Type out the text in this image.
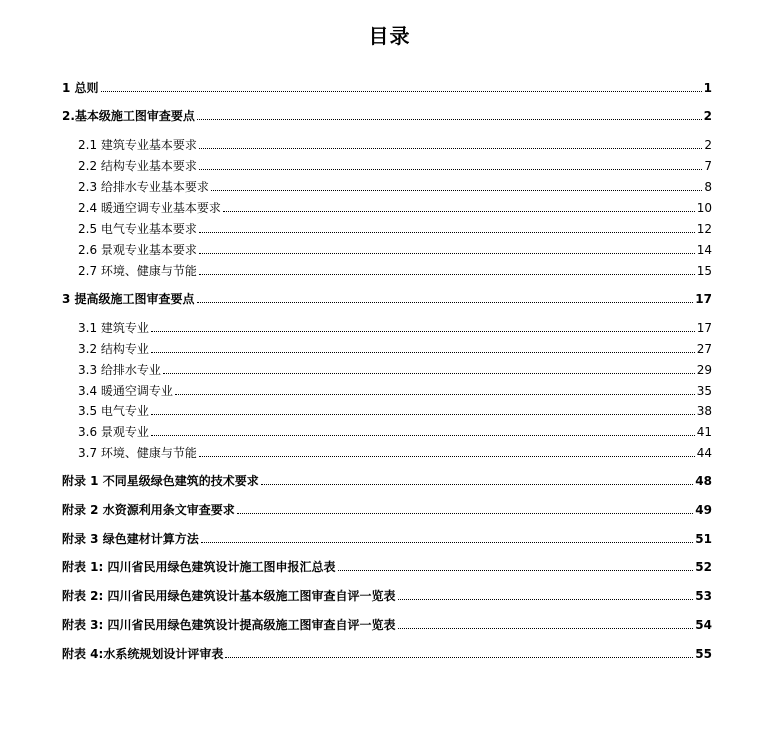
目录
1 总则	1
2.基本级施工图审查要点	2
2.1 建筑专业基本要求	2
2.2 结构专业基本要求	7
2.3 给排水专业基本要求	8
2.4 暖通空调专业基本要求	10
2.5 电气专业基本要求	12
2.6 景观专业基本要求	14
2.7 环境、健康与节能	15
3 提高级施工图审查要点	17
3.1 建筑专业	17
3.2 结构专业	27
3.3 给排水专业	29
3.4 暖通空调专业	35
3.5 电气专业	38
3.6 景观专业	41
3.7 环境、健康与节能	44
附录 1 不同星级绿色建筑的技术要求	48
附录 2 水资源利用条文审查要求	49
附录 3 绿色建材计算方法	51
附表 1: 四川省民用绿色建筑设计施工图申报汇总表	52
附表 2: 四川省民用绿色建筑设计基本级施工图审查自评一览表	53
附表 3: 四川省民用绿色建筑设计提高级施工图审查自评一览表	54
附表 4:水系统规划设计评审表	55
